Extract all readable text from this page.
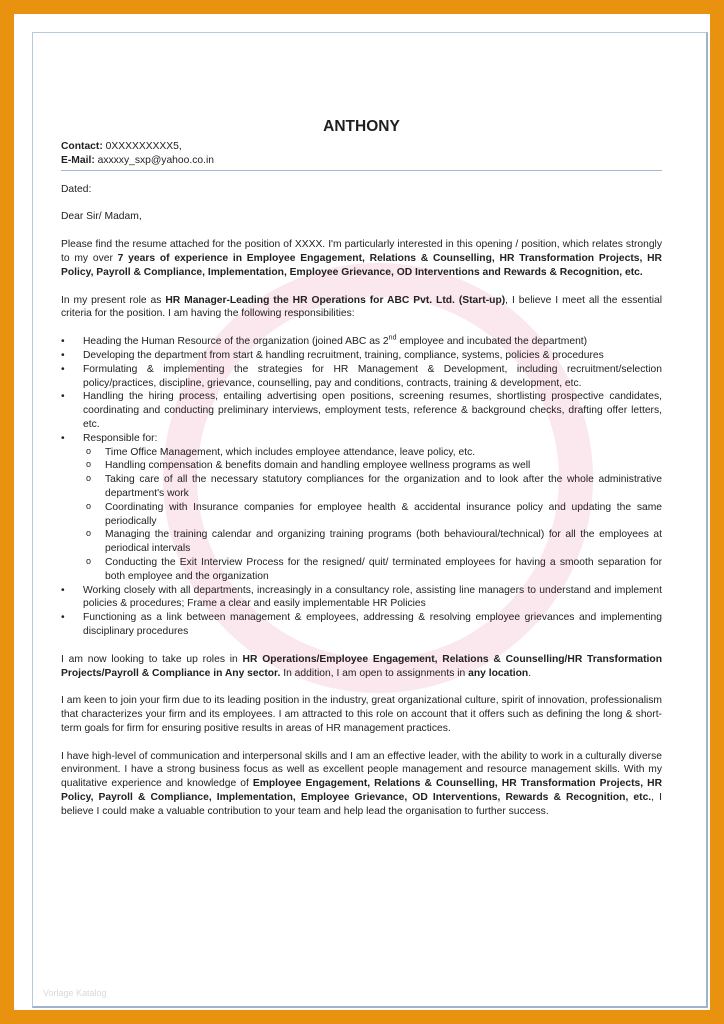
ANTHONY
Contact: 0XXXXXXXXX5,
E-Mail: axxxxy_sxp@yahoo.co.in

Dated:

Dear Sir/ Madam,

Please find the resume attached for the position of XXXX. I'm particularly interested in this opening / position, which relates strongly to my over 7 years of experience in Employee Engagement, Relations & Counselling, HR Transformation Projects, HR Policy, Payroll & Compliance, Implementation, Employee Grievance, OD Interventions and Rewards & Recognition, etc.

In my present role as HR Manager-Leading the HR Operations for ABC Pvt. Ltd. (Start-up), I believe I meet all the essential criteria for the position. I am having the following responsibilities:

• Heading the Human Resource of the organization (joined ABC as 2nd employee and incubated the department)
• Developing the department from start & handling recruitment, training, compliance, systems, policies & procedures
• Formulating & implementing the strategies for HR Management & Development, including recruitment/selection policy/practices, discipline, grievance, counselling, pay and conditions, contracts, training & development, etc.
• Handling the hiring process, entailing advertising open positions, screening resumes, shortlisting prospective candidates, coordinating and conducting preliminary interviews, employment tests, reference & background checks, drafting offer letters, etc.
• Responsible for:
o Time Office Management, which includes employee attendance, leave policy, etc.
o Handling compensation & benefits domain and handling employee wellness programs as well
o Taking care of all the necessary statutory compliances for the organization and to look after the whole administrative department's work
o Coordinating with Insurance companies for employee health & accidental insurance policy and updating the same periodically
o Managing the training calendar and organizing training programs (both behavioural/technical) for all the employees at periodical intervals
o Conducting the Exit Interview Process for the resigned/ quit/ terminated employees for having a smooth separation for both employee and the organization
• Working closely with all departments, increasingly in a consultancy role, assisting line managers to understand and implement policies & procedures; Frame a clear and easily implementable HR Policies
• Functioning as a link between management & employees, addressing & resolving employee grievances and implementing disciplinary procedures

I am now looking to take up roles in HR Operations/Employee Engagement, Relations & Counselling/HR Transformation Projects/Payroll & Compliance in Any sector. In addition, I am open to assignments in any location.

I am keen to join your firm due to its leading position in the industry, great organizational culture, spirit of innovation, professionalism that characterizes your firm and its employees. I am attracted to this role on account that it offers such as defining the long & short-term goals for firm for ensuring positive results in areas of HR management practices.

I have high-level of communication and interpersonal skills and I am an effective leader, with the ability to work in a culturally diverse environment. I have a strong business focus as well as excellent people management and resource management skills. With my qualitative experience and knowledge of Employee Engagement, Relations & Counselling, HR Transformation Projects, HR Policy, Payroll & Compliance, Implementation, Employee Grievance, OD Interventions, Rewards & Recognition, etc., I believe I could make a valuable contribution to your team and help lead the organisation to further success.

Vorlage Katalog
